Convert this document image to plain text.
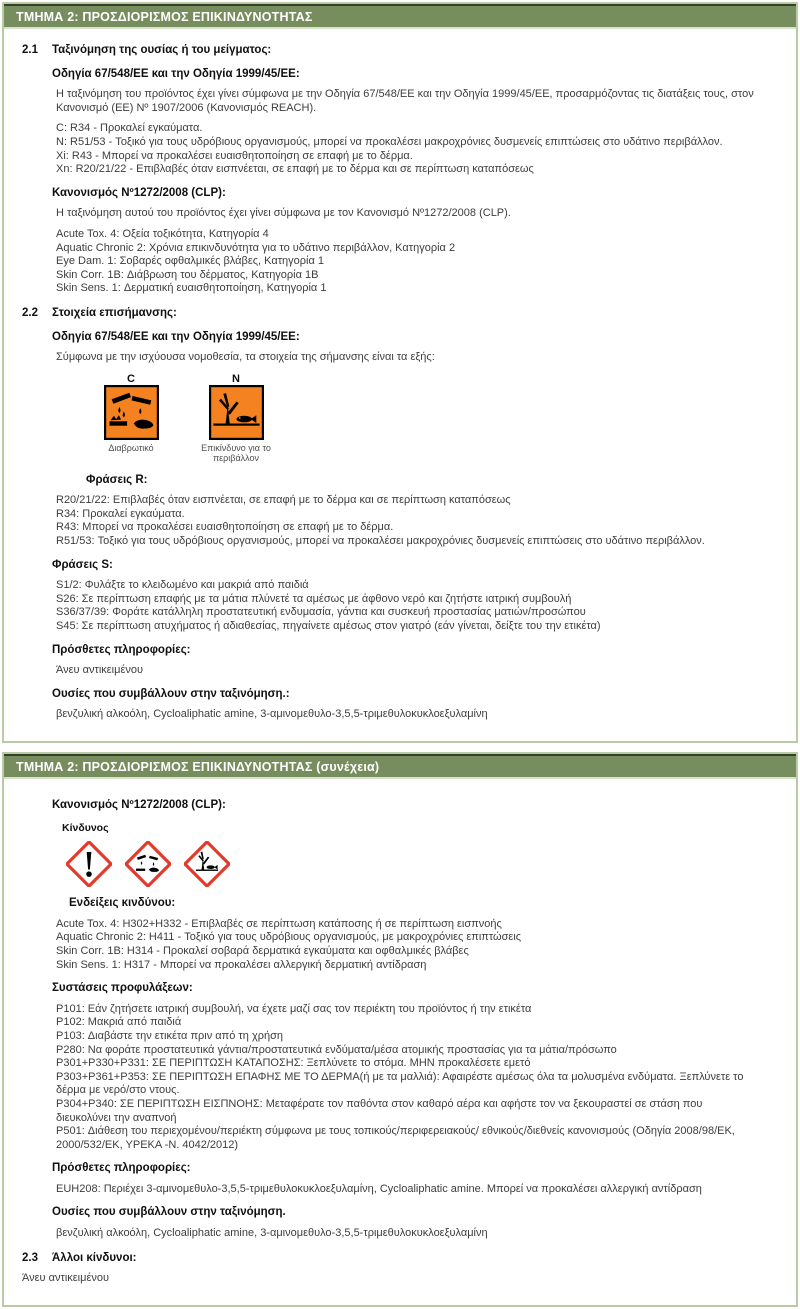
ΤΜΗΜΑ 2: ΠΡΟΣΔΙΟΡΙΣΜΟΣ ΕΠΙΚΙΝΔΥΝΟΤΗΤΑΣ
2.1	Ταξινόμηση της ουσίας ή του μείγματος:
Οδηγία 67/548/ΕΕ και την Οδηγία 1999/45/ΕΕ:
Η ταξινόμηση του προϊόντος έχει γίνει σύμφωνα με την Οδηγία 67/548/ΕΕ και την Οδηγία 1999/45/ΕΕ, προσαρμόζοντας τις διατάξεις τους, στον Κανονισμό (ΕΕ) Νº 1907/2006 (Κανονισμός REACH).
C: R34 - Προκαλεί εγκαύματα.
N: R51/53 - Τοξικό για τους υδρόβιους οργανισμούς, μπορεί να προκαλέσει μακροχρόνιες δυσμενείς επιπτώσεις στο υδάτινο περιβάλλον.
Xi: R43 - Μπορεί να προκαλέσει ευαισθητοποίηση σε επαφή με το δέρμα.
Xn: R20/21/22 - Επιβλαβές όταν εισπνέεται, σε επαφή με το δέρμα και σε περίπτωση καταπόσεως
Κανονισμός Νº1272/2008 (CLP):
Η ταξινόμηση αυτού του προϊόντος έχει γίνει σύμφωνα με τον Κανονισμό Νº1272/2008 (CLP).
Acute Tox. 4: Οξεία τοξικότητα, Κατηγορία 4
Aquatic Chronic 2: Χρόνια επικινδυνότητα για το υδάτινο περιβάλλον, Κατηγορία 2
Eye Dam. 1: Σοβαρές οφθαλμικές βλάβες, Κατηγορία 1
Skin Corr. 1B: Διάβρωση του δέρματος, Κατηγορία 1B
Skin Sens. 1: Δερματική ευαισθητοποίηση, Κατηγορία 1
2.2	Στοιχεία επισήμανσης:
Οδηγία 67/548/ΕΕ και την Οδηγία 1999/45/ΕΕ:
Σύμφωνα με την ισχύουσα νομοθεσία, τα στοιχεία της σήμανσης είναι τα εξής:
C
Διαβρωτικό
N
Επικίνδυνο για το περιβάλλον
Φράσεις R:
R20/21/22: Επιβλαβές όταν εισπνέεται, σε επαφή με το δέρμα και σε περίπτωση καταπόσεως
R34: Προκαλεί εγκαύματα.
R43: Μπορεί να προκαλέσει ευαισθητοποίηση σε επαφή με το δέρμα.
R51/53: Τοξικό για τους υδρόβιους οργανισμούς, μπορεί να προκαλέσει μακροχρόνιες δυσμενείς επιπτώσεις στο υδάτινο περιβάλλον.
Φράσεις S:
S1/2: Φυλάξτε το κλειδωμένο και μακριά από παιδιά
S26: Σε περίπτωση επαφής με τα μάτια πλύνετέ τα αμέσως με άφθονο νερό και ζητήστε ιατρική συμβουλή
S36/37/39: Φοράτε κατάλληλη προστατευτική ενδυμασία, γάντια και συσκευή προστασίας ματιών/προσώπου
S45: Σε περίπτωση ατυχήματος ή αδιαθεσίας, πηγαίνετε αμέσως στον γιατρό (εάν γίνεται, δείξτε του την ετικέτα)
Πρόσθετες πληροφορίες:
Άνευ αντικειμένου
Ουσίες που συμβάλλουν στην ταξινόμηση.:
βενζυλική αλκοόλη, Cycloaliphatic amine, 3-αμινομεθυλο-3,5,5-τριμεθυλοκυκλοεξυλαμίνη
ΤΜΗΜΑ 2: ΠΡΟΣΔΙΟΡΙΣΜΟΣ ΕΠΙΚΙΝΔΥΝΟΤΗΤΑΣ (συνέχεια)
Κανονισμός Νº1272/2008 (CLP):
Κίνδυνος
Ενδείξεις κινδύνου:
Acute Tox. 4: H302+H332 - Επιβλαβές σε περίπτωση κατάποσης ή σε περίπτωση εισπνοής
Aquatic Chronic 2: H411 - Τοξικό για τους υδρόβιους οργανισμούς, με μακροχρόνιες επιπτώσεις
Skin Corr. 1B: H314 - Προκαλεί σοβαρά δερματικά εγκαύματα και οφθαλμικές βλάβες
Skin Sens. 1: H317 - Μπορεί να προκαλέσει αλλεργική δερματική αντίδραση
Συστάσεις προφυλάξεων:
P101: Εάν ζητήσετε ιατρική συμβουλή, να έχετε μαζί σας τον περιέκτη του προϊόντος ή την ετικέτα
P102: Μακριά από παιδιά
P103: Διαβάστε την ετικέτα πριν από τη χρήση
P280: Να φοράτε προστατευτικά γάντια/προστατευτικά ενδύματα/μέσα ατομικής προστασίας για τα μάτια/πρόσωπο
P301+P330+P331: ΣΕ ΠΕΡΙΠΤΩΣΗ ΚΑΤΑΠΟΣΗΣ: Ξεπλύνετε το στόμα. ΜΗΝ προκαλέσετε εμετό
P303+P361+P353: ΣΕ ΠΕΡΙΠΤΩΣΗ ΕΠΑΦΗΣ ΜΕ ΤΟ ΔΕΡΜΑ(ή με τα μαλλιά): Αφαιρέστε αμέσως όλα τα μολυσμένα ενδύματα. Ξεπλύνετε το δέρμα με νερό/στο ντους.
P304+P340: ΣΕ ΠΕΡΙΠΤΩΣΗ ΕΙΣΠΝΟΗΣ: Μεταφέρατε τον παθόντα στον καθαρό αέρα και αφήστε τον να ξεκουραστεί σε στάση που διευκολύνει την αναπνοή
P501: Διάθεση του περιεχομένου/περιέκτη σύμφωνα με τους τοπικούς/περιφερειακούς/ εθνικούς/διεθνείς κανονισμούς (Οδηγία 2008/98/ΕΚ, 2000/532/ΕΚ, ΥΡΕΚΑ -Ν. 4042/2012)
Πρόσθετες πληροφορίες:
EUH208: Περιέχει 3-αμινομεθυλο-3,5,5-τριμεθυλοκυκλοεξυλαμίνη, Cycloaliphatic amine. Μπορεί να προκαλέσει αλλεργική αντίδραση
Ουσίες που συμβάλλουν στην ταξινόμηση.
βενζυλική αλκοόλη, Cycloaliphatic amine, 3-αμινομεθυλο-3,5,5-τριμεθυλοκυκλοεξυλαμίνη
2.3	Άλλοι κίνδυνοι:
Άνευ αντικειμένου
